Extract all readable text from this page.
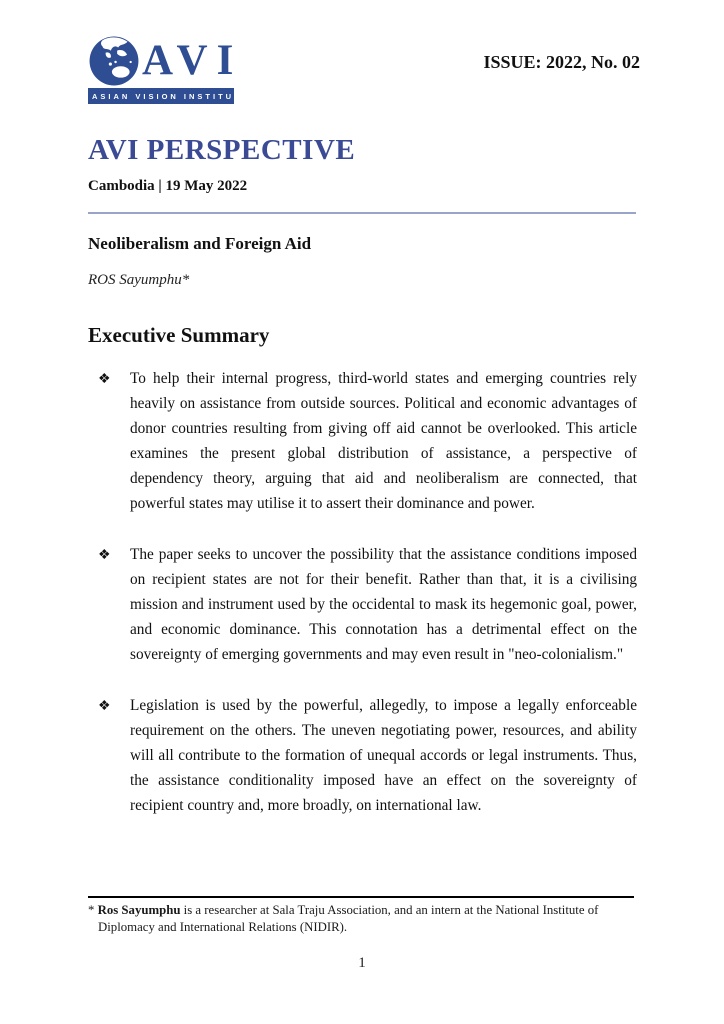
AVI
ASIAN VISION INSTITUTE
ISSUE: 2022, No. 02
AVI PERSPECTIVE
Cambodia | 19 May 2022
Neoliberalism and Foreign Aid
ROS Sayumphu*
Executive Summary
❖ To help their internal progress, third-world states and emerging countries rely heavily on assistance from outside sources. Political and economic advantages of donor countries resulting from giving off aid cannot be overlooked. This article examines the present global distribution of assistance, a perspective of dependency theory, arguing that aid and neoliberalism are connected, that powerful states may utilise it to assert their dominance and power.
❖ The paper seeks to uncover the possibility that the assistance conditions imposed on recipient states are not for their benefit. Rather than that, it is a civilising mission and instrument used by the occidental to mask its hegemonic goal, power, and economic dominance. This connotation has a detrimental effect on the sovereignty of emerging governments and may even result in "neo-colonialism."
❖ Legislation is used by the powerful, allegedly, to impose a legally enforceable requirement on the others. The uneven negotiating power, resources, and ability will all contribute to the formation of unequal accords or legal instruments. Thus, the assistance conditionality imposed have an effect on the sovereignty of recipient country and, more broadly, on international law.
* Ros Sayumphu is a researcher at Sala Traju Association, and an intern at the National Institute of Diplomacy and International Relations (NIDIR).
1
